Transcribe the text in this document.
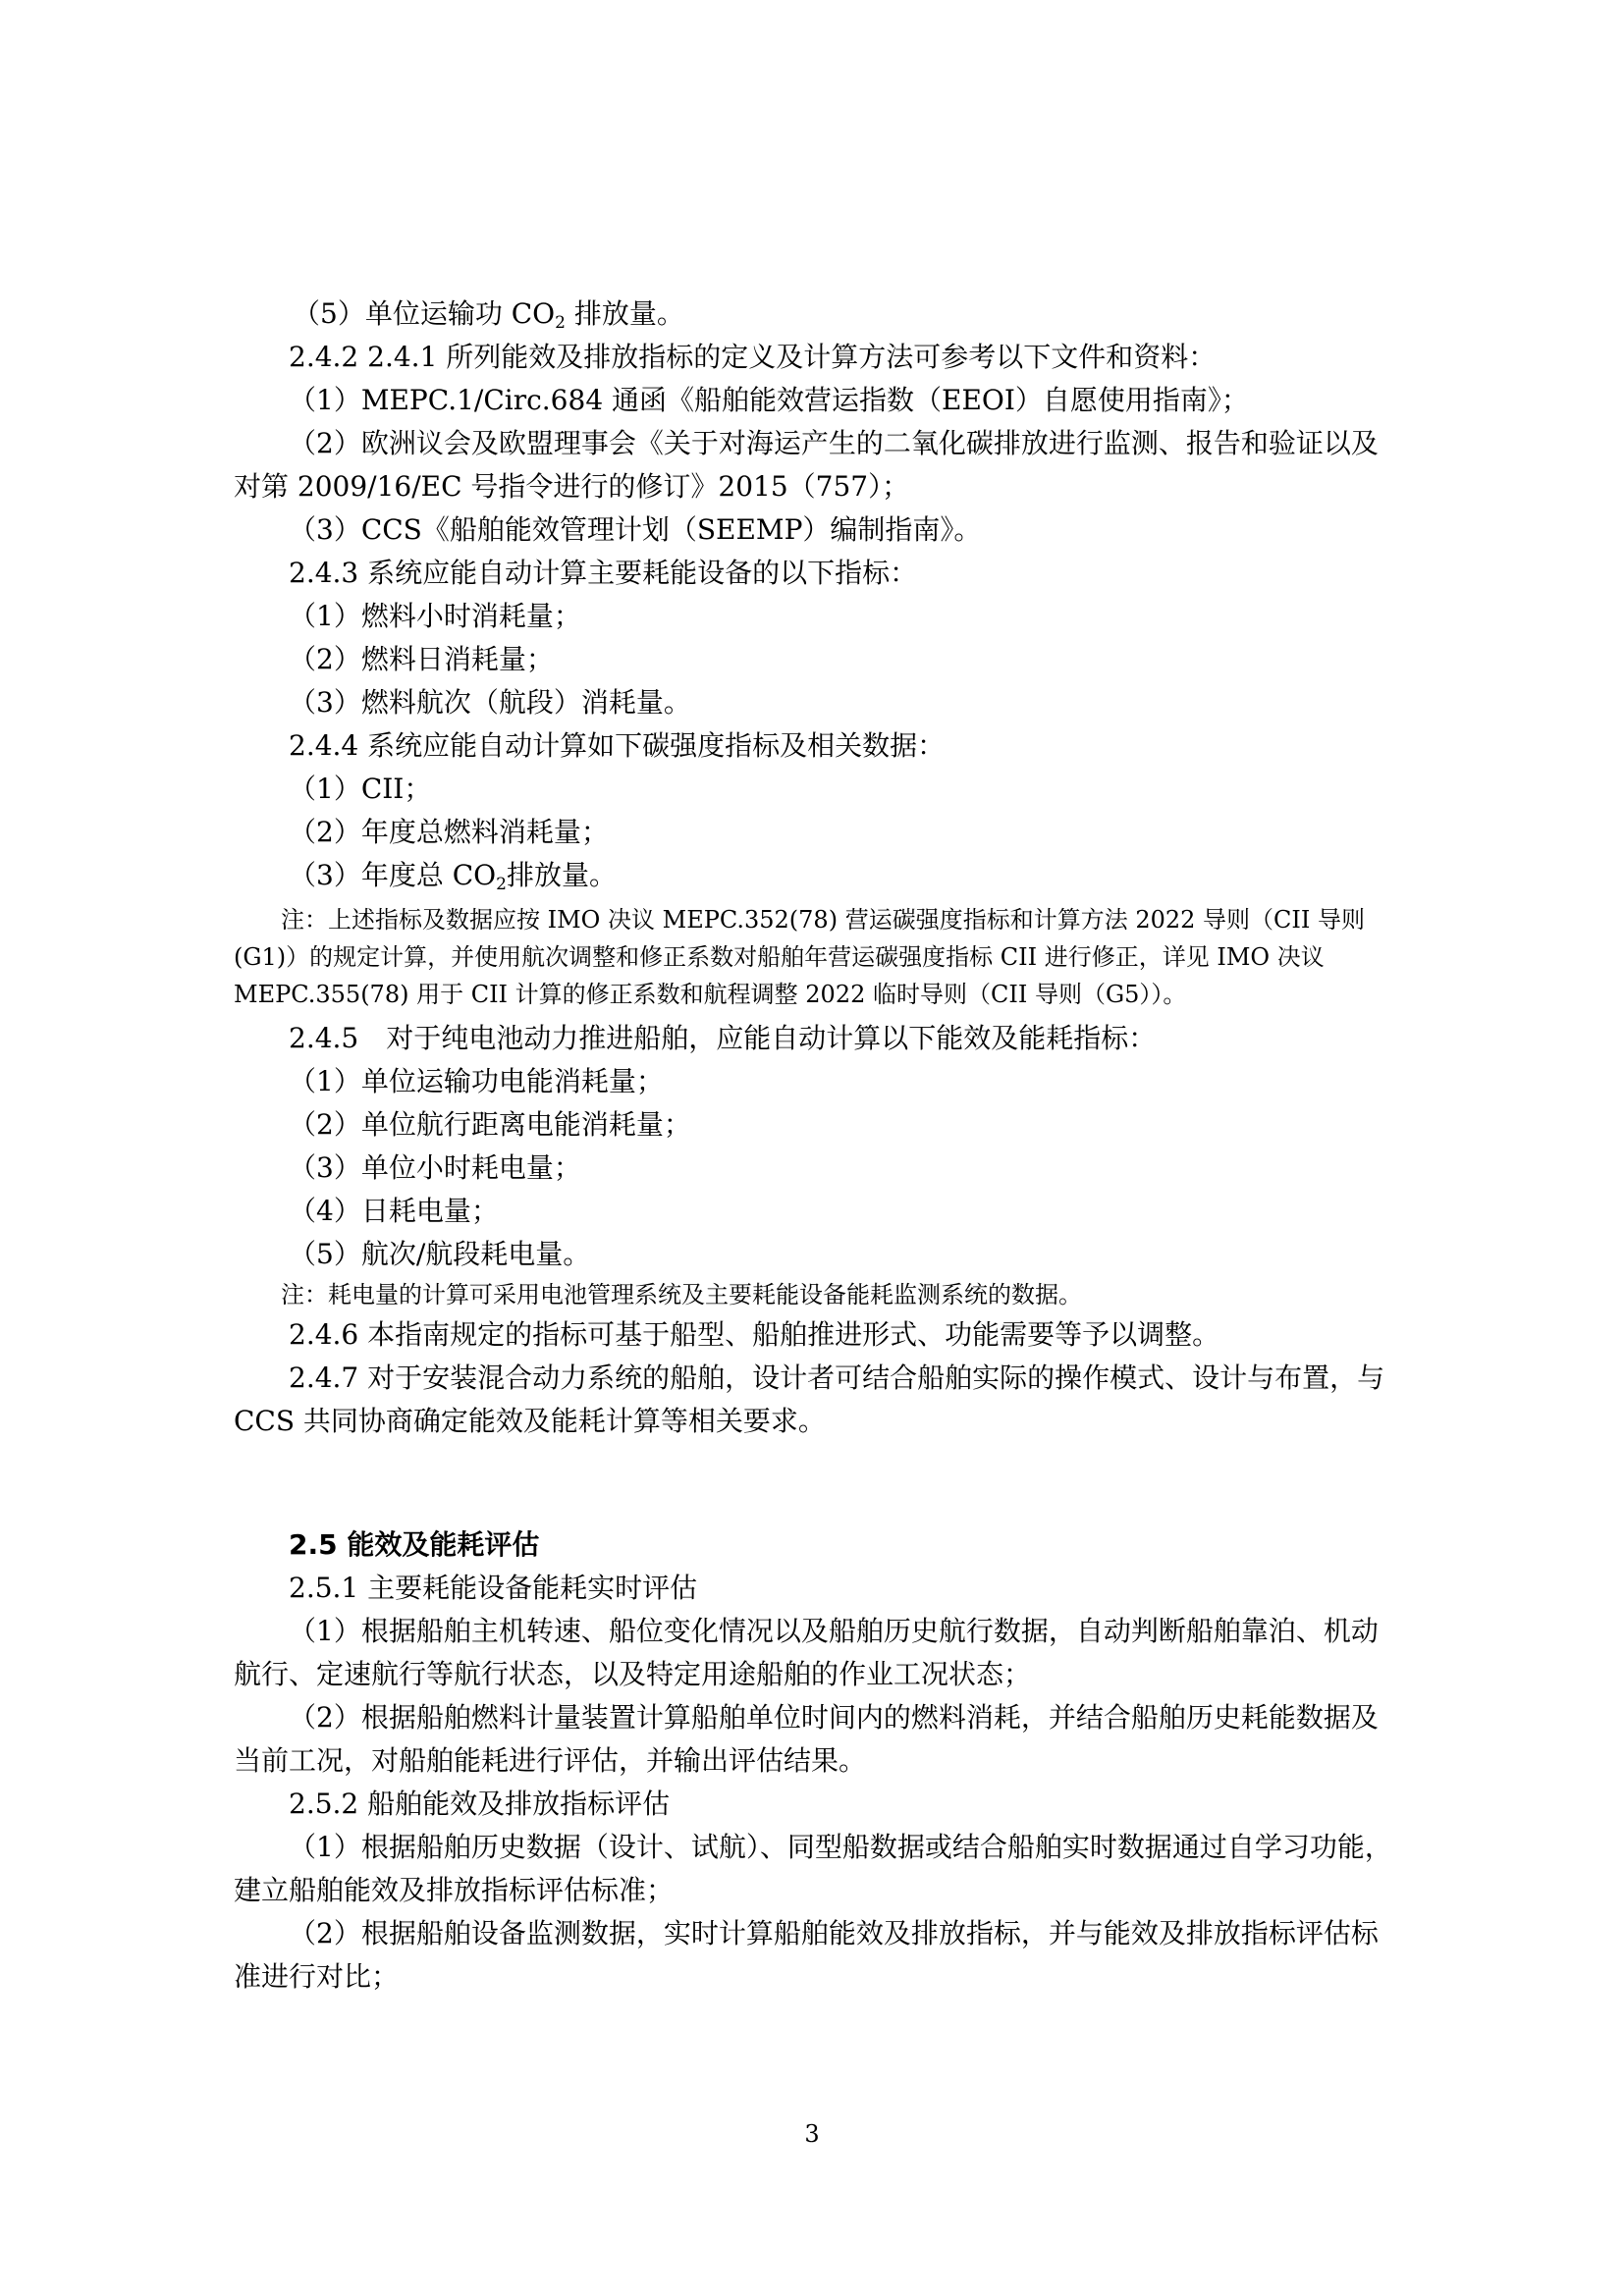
（5）单位运输功 $CO_2$ 排放量。

2.4.2 2.4.1 所列能效及排放指标的定义及计算方法可参考以下文件和资料：

（1）MEPC.1/Circ.684 通函《船舶能效营运指数（EEOI）自愿使用指南》；

（2）欧洲议会及欧盟理事会《关于对海运产生的二氧化碳排放进行监测、报告和验证以及对第 2009/16/EC 号指令进行的修订》2015（757）；

（3）CCS《船舶能效管理计划（SEEMP）编制指南》。

2.4.3 系统应能自动计算主要耗能设备的以下指标：

（1）燃料小时消耗量；

（2）燃料日消耗量；

（3）燃料航次（航段）消耗量。

2.4.4 系统应能自动计算如下碳强度指标及相关数据：

（1）CII；

（2）年度总燃料消耗量；

（3）年度总 $CO_2$排放量。

注：上述指标及数据应按 IMO 决议 MEPC.352(78) 营运碳强度指标和计算方法 2022 导则（CII 导则(G1)）的规定计算，并使用航次调整和修正系数对船舶年营运碳强度指标 CII 进行修正，详见 IMO 决议 MEPC.355(78) 用于 CII 计算的修正系数和航程调整 2022 临时导则（CII 导则（G5））。

2.4.5　对于纯电池动力推进船舶，应能自动计算以下能效及能耗指标：

（1）单位运输功电能消耗量；

（2）单位航行距离电能消耗量；

（3）单位小时耗电量；

（4）日耗电量；

（5）航次/航段耗电量。

注：耗电量的计算可采用电池管理系统及主要耗能设备能耗监测系统的数据。

2.4.6 本指南规定的指标可基于船型、船舶推进形式、功能需要等予以调整。

2.4.7 对于安装混合动力系统的船舶，设计者可结合船舶实际的操作模式、设计与布置，与 CCS 共同协商确定能效及能耗计算等相关要求。

2.5 能效及能耗评估

2.5.1 主要耗能设备能耗实时评估

（1）根据船舶主机转速、船位变化情况以及船舶历史航行数据，自动判断船舶靠泊、机动航行、定速航行等航行状态，以及特定用途船舶的作业工况状态；

（2）根据船舶燃料计量装置计算船舶单位时间内的燃料消耗，并结合船舶历史耗能数据及当前工况，对船舶能耗进行评估，并输出评估结果。

2.5.2 船舶能效及排放指标评估

（1）根据船舶历史数据（设计、试航）、同型船数据或结合船舶实时数据通过自学习功能，建立船舶能效及排放指标评估标准；

（2）根据船舶设备监测数据，实时计算船舶能效及排放指标，并与能效及排放指标评估标准进行对比；

3
